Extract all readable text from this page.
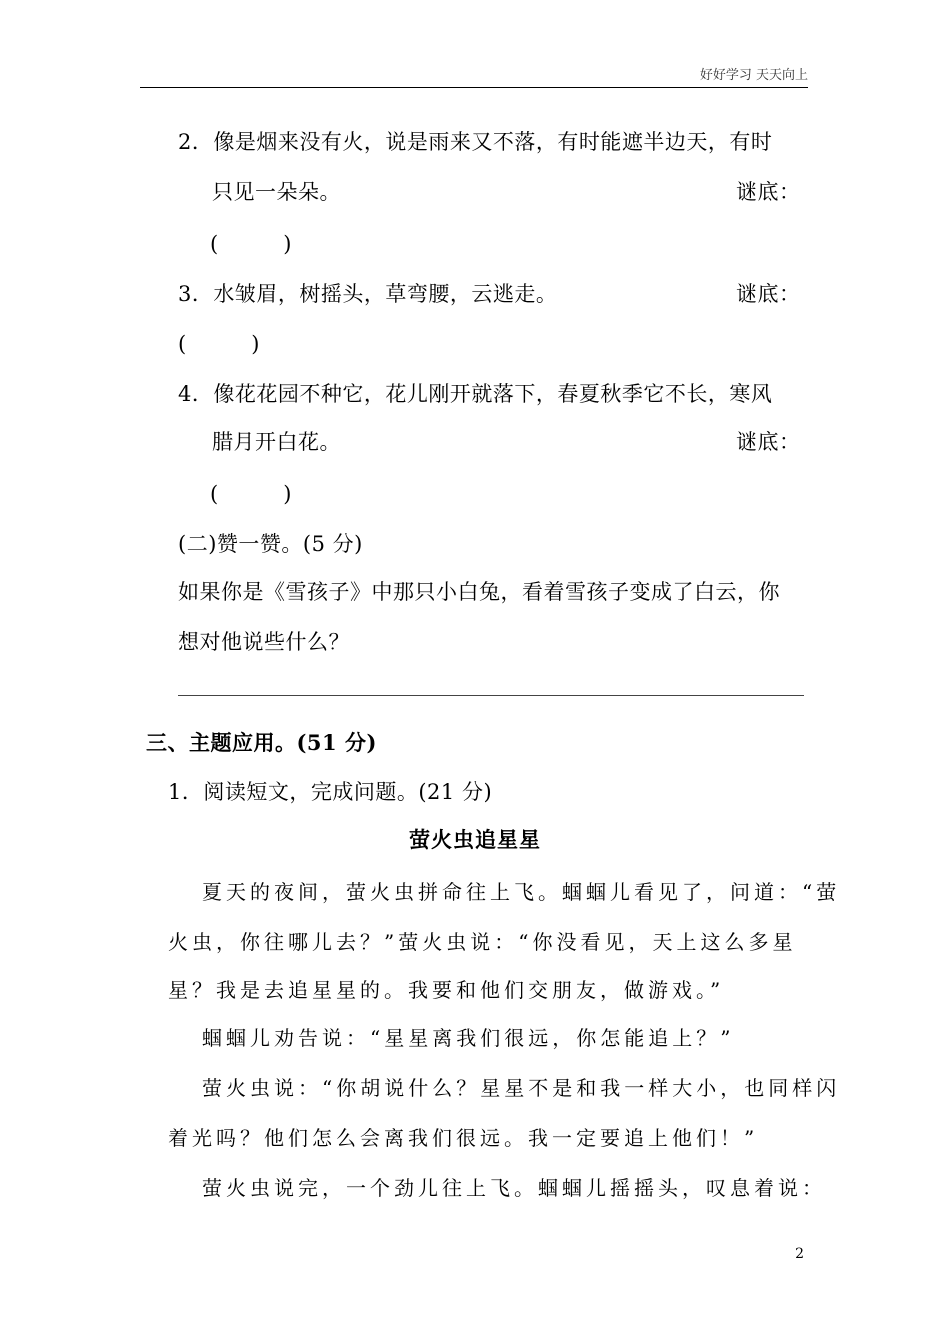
好好学习 天天向上
2．像是烟来没有火，说是雨来又不落，有时能遮半边天，有时
只见一朵朵。	谜底：
(　　　)
3．水皱眉，树摇头，草弯腰，云逃走。	谜底：
(　　　)
4．像花花园不种它，花儿刚开就落下，春夏秋季它不长，寒风
腊月开白花。	谜底：
(　　　)
(二)赞一赞。(5 分)
如果你是《雪孩子》中那只小白兔，看着雪孩子变成了白云，你
想对他说些什么？
三、主题应用。(51 分)
1．阅读短文，完成问题。(21 分)
萤火虫追星星
夏天的夜间，萤火虫拼命往上飞。蝈蝈儿看见了，问道：“萤
火虫，你往哪儿去？”萤火虫说：“你没看见，天上这么多星
星？我是去追星星的。我要和他们交朋友，做游戏。”
蝈蝈儿劝告说：“星星离我们很远，你怎能追上？”
萤火虫说：“你胡说什么？星星不是和我一样大小，也同样闪
着光吗？他们怎么会离我们很远。我一定要追上他们！”
萤火虫说完，一个劲儿往上飞。蝈蝈儿摇摇头，叹息着说：
2
